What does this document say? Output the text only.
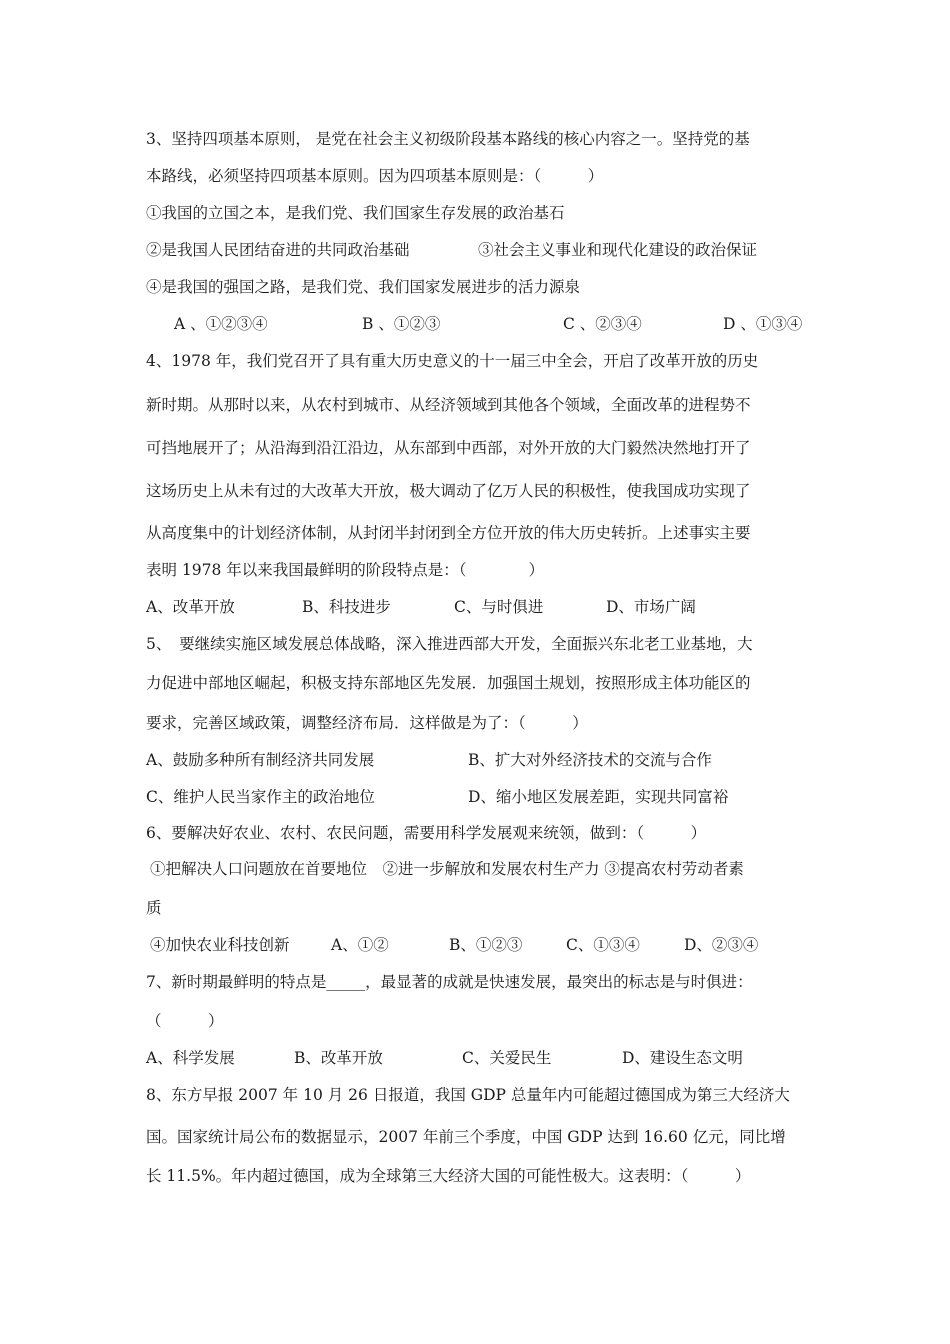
3、坚持四项基本原则， 是党在社会主义初级阶段基本路线的核心内容之一。坚持党的基
本路线，必须坚持四项基本原则。因为四项基本原则是：（　　　）
①我国的立国之本，是我们党、我们国家生存发展的政治基石
②是我国人民团结奋进的共同政治基础	③社会主义事业和现代化建设的政治保证
④是我国的强国之路，是我们党、我们国家发展进步的活力源泉
A 、①②③④	B 、①②③	C 、②③④	D 、①③④
4、1978 年，我们党召开了具有重大历史意义的十一届三中全会，开启了改革开放的历史
新时期。从那时以来，从农村到城市、从经济领域到其他各个领域，全面改革的进程势不
可挡地展开了；从沿海到沿江沿边，从东部到中西部，对外开放的大门毅然决然地打开了
这场历史上从未有过的大改革大开放，极大调动了亿万人民的积极性，使我国成功实现了
从高度集中的计划经济体制，从封闭半封闭到全方位开放的伟大历史转折。上述事实主要
表明 1978 年以来我国最鲜明的阶段特点是：（　　　　）
A、改革开放	B、科技进步	C、与时俱进	D、市场广阔
5、　要继续实施区域发展总体战略，深入推进西部大开发，全面振兴东北老工业基地，大
力促进中部地区崛起，积极支持东部地区先发展．加强国土规划，按照形成主体功能区的
要求，完善区域政策，调整经济布局．这样做是为了：（　　　）
A、鼓励多种所有制经济共同发展	B、扩大对外经济技术的交流与合作
C、维护人民当家作主的政治地位	D、缩小地区发展差距，实现共同富裕
6、要解决好农业、农村、农民问题，需要用科学发展观来统领，做到：（　　　）
①把解决人口问题放在首要地位　②进一步解放和发展农村生产力 ③提高农村劳动者素
质
④加快农业科技创新	A、①②	B、①②③	C、①③④	D、②③④
7、新时期最鲜明的特点是_____，最显著的成就是快速发展，最突出的标志是与时俱进：
（　　　）
A、科学发展	B、改革开放	C、关爱民生	D、建设生态文明
8、东方早报 2007 年 10 月 26 日报道，我国 GDP 总量年内可能超过德国成为第三大经济大
国。国家统计局公布的数据显示，2007 年前三个季度，中国 GDP 达到 16.60 亿元，同比增
长 11.5%。年内超过德国，成为全球第三大经济大国的可能性极大。这表明：（　　　）
